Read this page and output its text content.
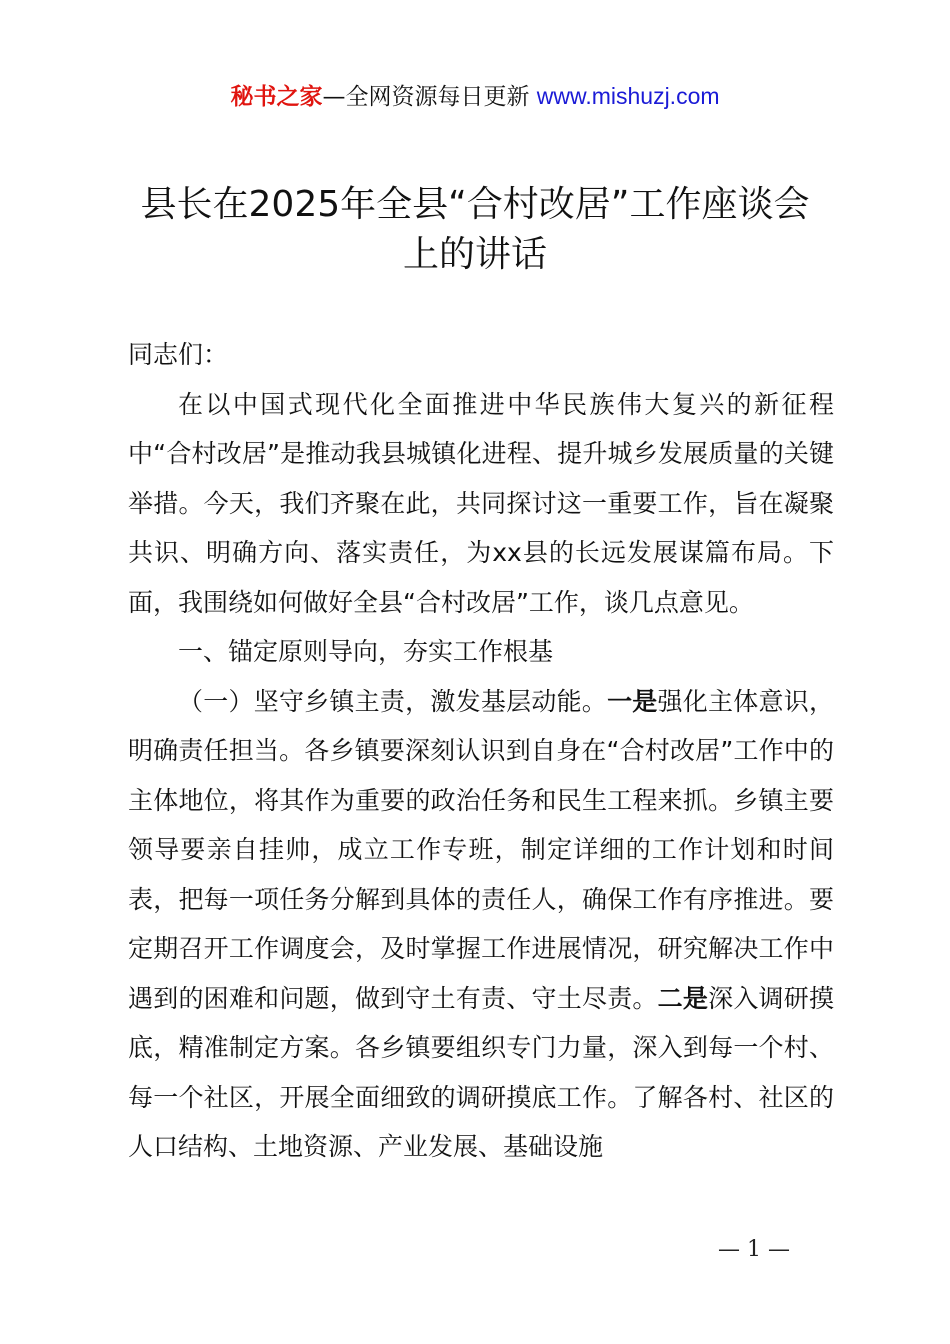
秘书之家—全网资源每日更新 www.mishuzj.com
县长在2025年全县“合村改居”工作座谈会
上的讲话

同志们：

在以中国式现代化全面推进中华民族伟大复兴的新征程中“合村改居”是推动我县城镇化进程、提升城乡发展质量的关键举措。今天，我们齐聚在此，共同探讨这一重要工作，旨在凝聚共识、明确方向、落实责任，为xx县的长远发展谋篇布局。下面，我围绕如何做好全县“合村改居”工作，谈几点意见。

一、锚定原则导向，夯实工作根基

（一）坚守乡镇主责，激发基层动能。一是强化主体意识，明确责任担当。各乡镇要深刻认识到自身在“合村改居”工作中的主体地位，将其作为重要的政治任务和民生工程来抓。乡镇主要领导要亲自挂帅，成立工作专班，制定详细的工作计划和时间表，把每一项任务分解到具体的责任人，确保工作有序推进。要定期召开工作调度会，及时掌握工作进展情况，研究解决工作中遇到的困难和问题，做到守土有责、守土尽责。二是深入调研摸底，精准制定方案。各乡镇要组织专门力量，深入到每一个村、每一个社区，开展全面细致的调研摸底工作。了解各村、社区的人口结构、土地资源、产业发展、基础设施

— 1 —
